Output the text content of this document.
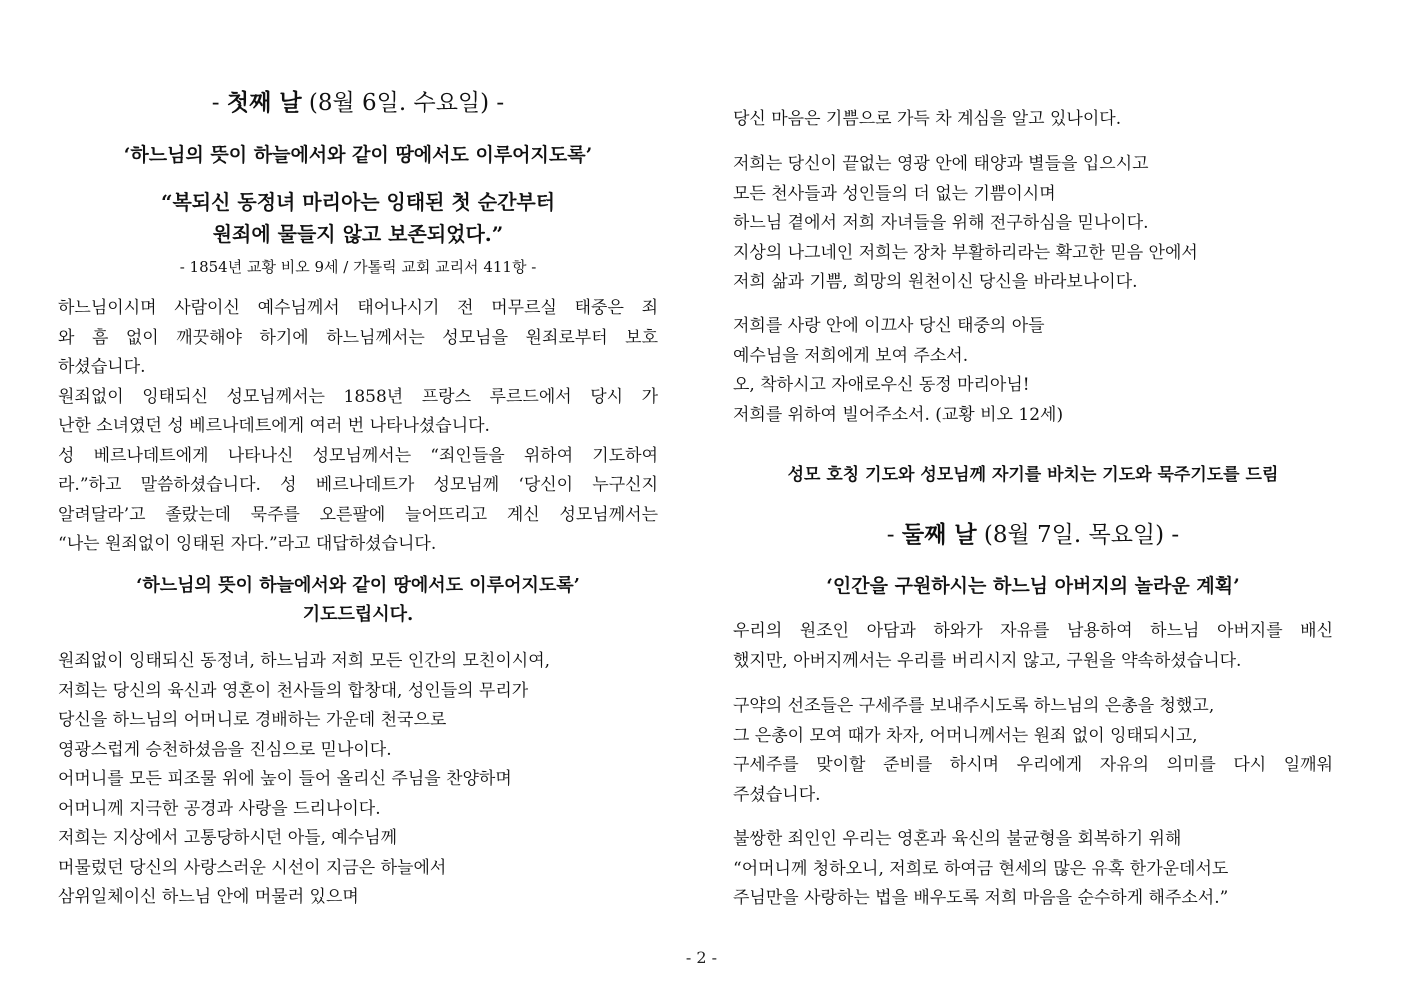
- 첫째 날 (8월 6일. 수요일) -
‘하느님의 뜻이 하늘에서와 같이 땅에서도 이루어지도록’
“복되신 동정녀 마리아는 잉태된 첫 순간부터
원죄에 물들지 않고 보존되었다.”
- 1854년 교황 비오 9세 / 가톨릭 교회 교리서 411항 -
하느님이시며 사람이신 예수님께서 태어나시기 전 머무르실 태중은 죄
와 흠 없이 깨끗해야 하기에 하느님께서는 성모님을 원죄로부터 보호
하셨습니다.
원죄없이 잉태되신 성모님께서는 1858년 프랑스 루르드에서 당시 가
난한 소녀였던 성 베르나데트에게 여러 번 나타나셨습니다.
성 베르나데트에게 나타나신 성모님께서는 “죄인들을 위하여 기도하여
라.”하고 말씀하셨습니다. 성 베르나데트가 성모님께 ‘당신이 누구신지
알려달라’고 졸랐는데 묵주를 오른팔에 늘어뜨리고 계신 성모님께서는
“나는 원죄없이 잉태된 자다.”라고 대답하셨습니다.
‘하느님의 뜻이 하늘에서와 같이 땅에서도 이루어지도록’
기도드립시다.
원죄없이 잉태되신 동정녀, 하느님과 저희 모든 인간의 모친이시여,
저희는 당신의 육신과 영혼이 천사들의 합창대, 성인들의 무리가
당신을 하느님의 어머니로 경배하는 가운데 천국으로
영광스럽게 승천하셨음을 진심으로 믿나이다.
어머니를 모든 피조물 위에 높이 들어 올리신 주님을 찬양하며
어머니께 지극한 공경과 사랑을 드리나이다.
저희는 지상에서 고통당하시던 아들, 예수님께
머물렀던 당신의 사랑스러운 시선이 지금은 하늘에서
삼위일체이신 하느님 안에 머물러 있으며
당신 마음은 기쁨으로 가득 차 계심을 알고 있나이다.
저희는 당신이 끝없는 영광 안에 태양과 별들을 입으시고
모든 천사들과 성인들의 더 없는 기쁨이시며
하느님 곁에서 저희 자녀들을 위해 전구하심을 믿나이다.
지상의 나그네인 저희는 장차 부활하리라는 확고한 믿음 안에서
저희 삶과 기쁨, 희망의 원천이신 당신을 바라보나이다.
저희를 사랑 안에 이끄사 당신 태중의 아들
예수님을 저희에게 보여 주소서.
오, 착하시고 자애로우신 동정 마리아님!
저희를 위하여 빌어주소서. (교황 비오 12세)
성모 호칭 기도와 성모님께 자기를 바치는 기도와 묵주기도를 드림
- 둘째 날 (8월 7일. 목요일) -
‘인간을 구원하시는 하느님 아버지의 놀라운 계획’
우리의 원조인 아담과 하와가 자유를 남용하여 하느님 아버지를 배신
했지만, 아버지께서는 우리를 버리시지 않고, 구원을 약속하셨습니다.
구약의 선조들은 구세주를 보내주시도록 하느님의 은총을 청했고,
그 은총이 모여 때가 차자, 어머니께서는 원죄 없이 잉태되시고,
구세주를 맞이할 준비를 하시며 우리에게 자유의 의미를 다시 일깨워
주셨습니다.
불쌍한 죄인인 우리는 영혼과 육신의 불균형을 회복하기 위해
“어머니께 청하오니, 저희로 하여금 현세의 많은 유혹 한가운데서도
주님만을 사랑하는 법을 배우도록 저희 마음을 순수하게 해주소서.”
- 2 -
